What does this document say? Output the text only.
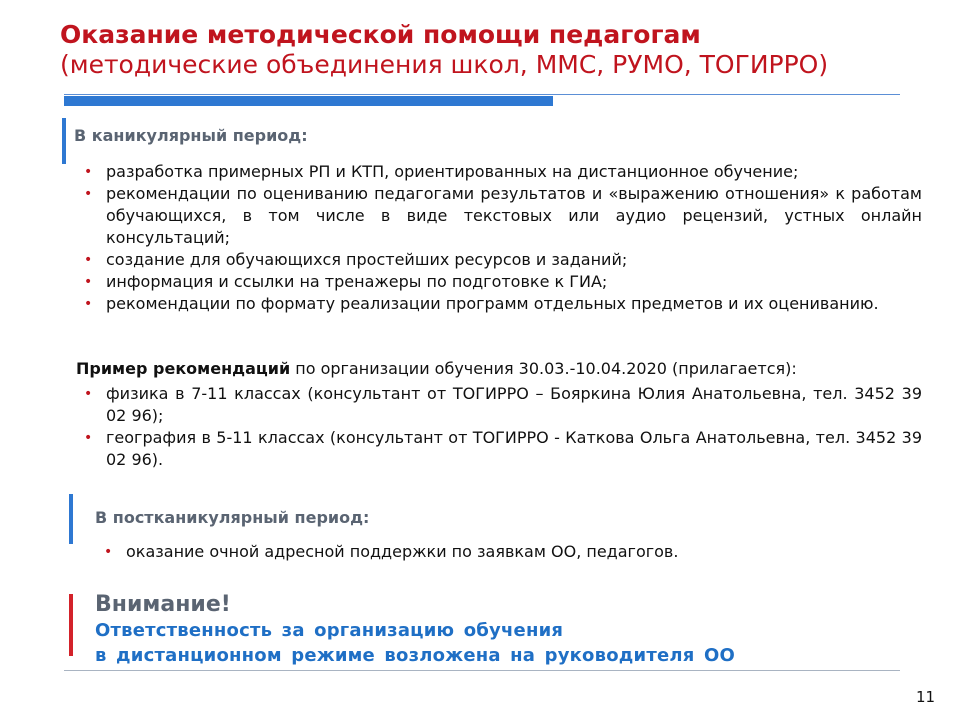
Оказание методической помощи педагогам

(методические объединения школ, ММС, РУМО, ТОГИРРО)

В каникулярный период:

• разработка примерных РП и КТП, ориентированных на дистанционное обучение;
• рекомендации по оцениванию педагогами результатов и «выражению отношения» к работам обучающихся, в том числе в виде текстовых или аудио рецензий, устных онлайн консультаций;
• создание для обучающихся простейших ресурсов и заданий;
• информация и ссылки на тренажеры по подготовке к ГИА;
• рекомендации по формату реализации программ отдельных предметов и их оцениванию.

Пример рекомендаций по организации обучения 30.03.-10.04.2020 (прилагается):

• физика в 7-11 классах (консультант от ТОГИРРО – Бояркина Юлия Анатольевна, тел. 3452 39 02 96);
• география в 5-11 классах (консультант от ТОГИРРО - Каткова Ольга Анатольевна, тел. 3452 39 02 96).

В постканикулярный период:

• оказание очной адресной поддержки по заявкам ОО, педагогов.

Внимание!

Ответственность за организацию обучения

в дистанционном режиме возложена на руководителя ОО

11
